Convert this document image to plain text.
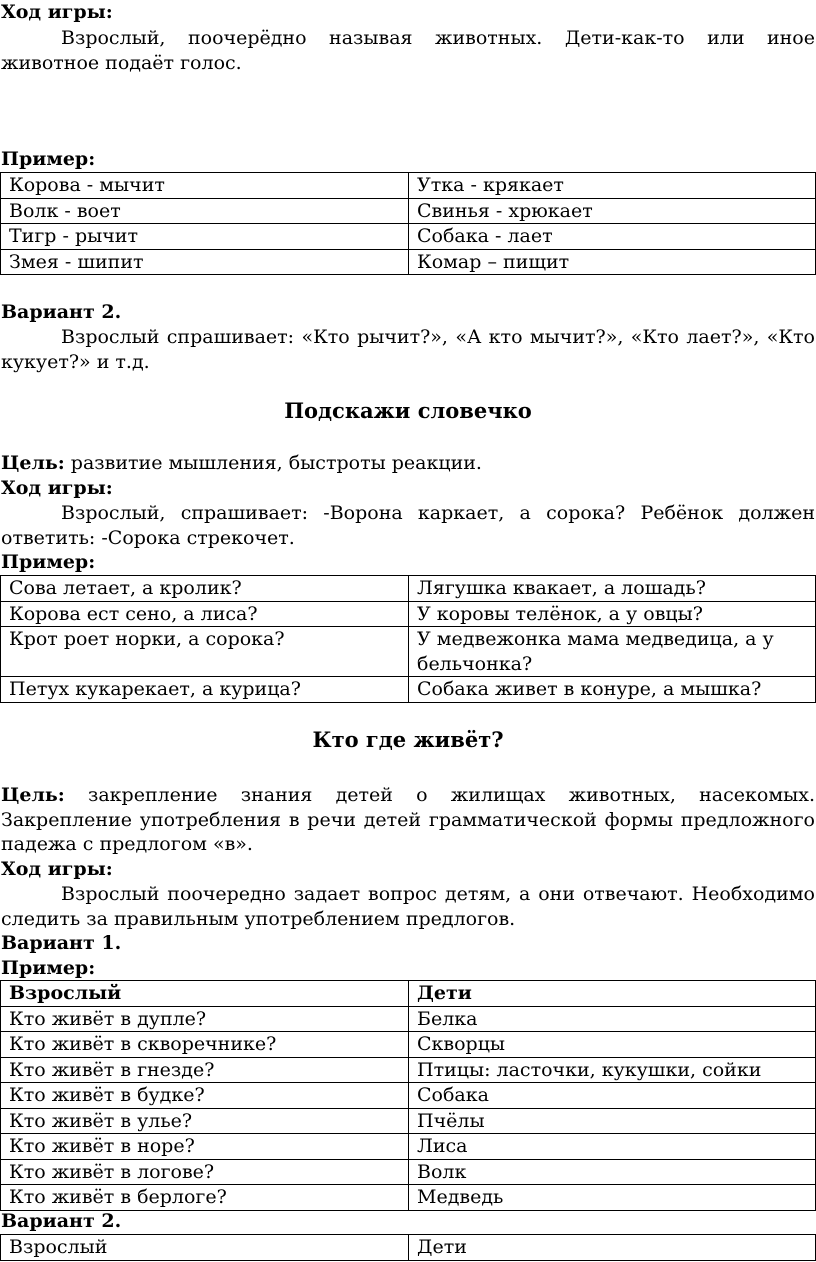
Ход игры:

Взрослый, поочерёдно называя животных. Дети-как-то или иное животное подаёт голос.

Пример:

Корова - мычит	Утка - крякает
Волк - воет	Свинья - хрюкает
Тигр - рычит	Собака - лает
Змея - шипит	Комар – пищит

Вариант 2.

Взрослый спрашивает: «Кто рычит?», «А кто мычит?», «Кто лает?», «Кто кукует?» и т.д.

Подскажи словечко

Цель: развитие мышления, быстроты реакции.

Ход игры:

Взрослый, спрашивает: -Ворона каркает, а сорока? Ребёнок должен ответить: -Сорока стрекочет.

Пример:

Сова летает, а кролик?	Лягушка квакает, а лошадь?
Корова ест сено, а лиса?	У коровы телёнок, а у овцы?
Крот роет норки, а сорока?	У медвежонка мама медведица, а у бельчонка?
Петух кукарекает, а курица?	Собака живет в конуре, а мышка?

Кто где живёт?

Цель: закрепление знания детей о жилищах животных, насекомых. Закрепление употребления в речи детей грамматической формы предложного падежа с предлогом «в».

Ход игры:

Взрослый поочередно задает вопрос детям, а они отвечают. Необходимо следить за правильным употреблением предлогов.

Вариант 1.

Пример:

Взрослый	Дети
Кто живёт в дупле?	Белка
Кто живёт в скворечнике?	Скворцы
Кто живёт в гнезде?	Птицы: ласточки, кукушки, сойки
Кто живёт в будке?	Собака
Кто живёт в улье?	Пчёлы
Кто живёт в норе?	Лиса
Кто живёт в логове?	Волк
Кто живёт в берлоге?	Медведь

Вариант 2.

Взрослый	Дети
